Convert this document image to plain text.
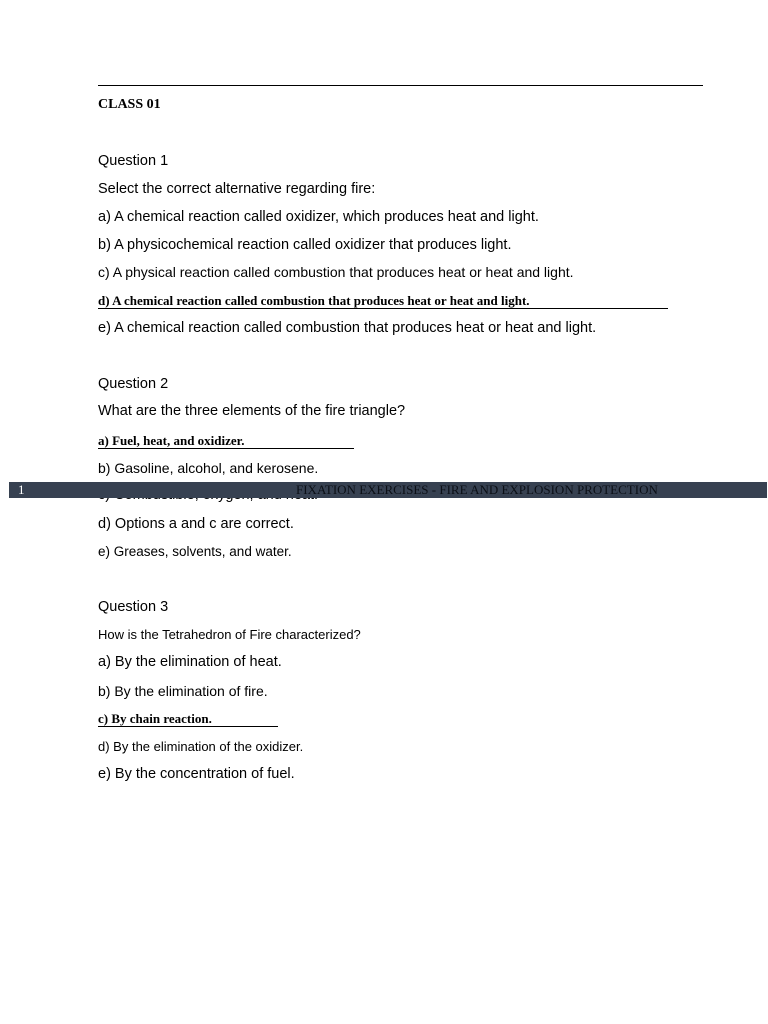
CLASS 01
Question 1
Select the correct alternative regarding fire:
a) A chemical reaction called oxidizer, which produces heat and light.
b) A physicochemical reaction called oxidizer that produces light.
c) A physical reaction called combustion that produces heat or heat and light.
d) A chemical reaction called combustion that produces heat or heat and light.
e) A chemical reaction called combustion that produces heat or heat and light.
Question 2
What are the three elements of the fire triangle?
a) Fuel, heat, and oxidizer.
b) Gasoline, alcohol, and kerosene.
d) Options a and c are correct.
e) Greases, solvents, and water.
1	FIXATION EXERCISES - FIRE AND EXPLOSION PROTECTION
Question 3
How is the Tetrahedron of Fire characterized?
a) By the elimination of heat.
b) By the elimination of fire.
c) By chain reaction.
d) By the elimination of the oxidizer.
e) By the concentration of fuel.
